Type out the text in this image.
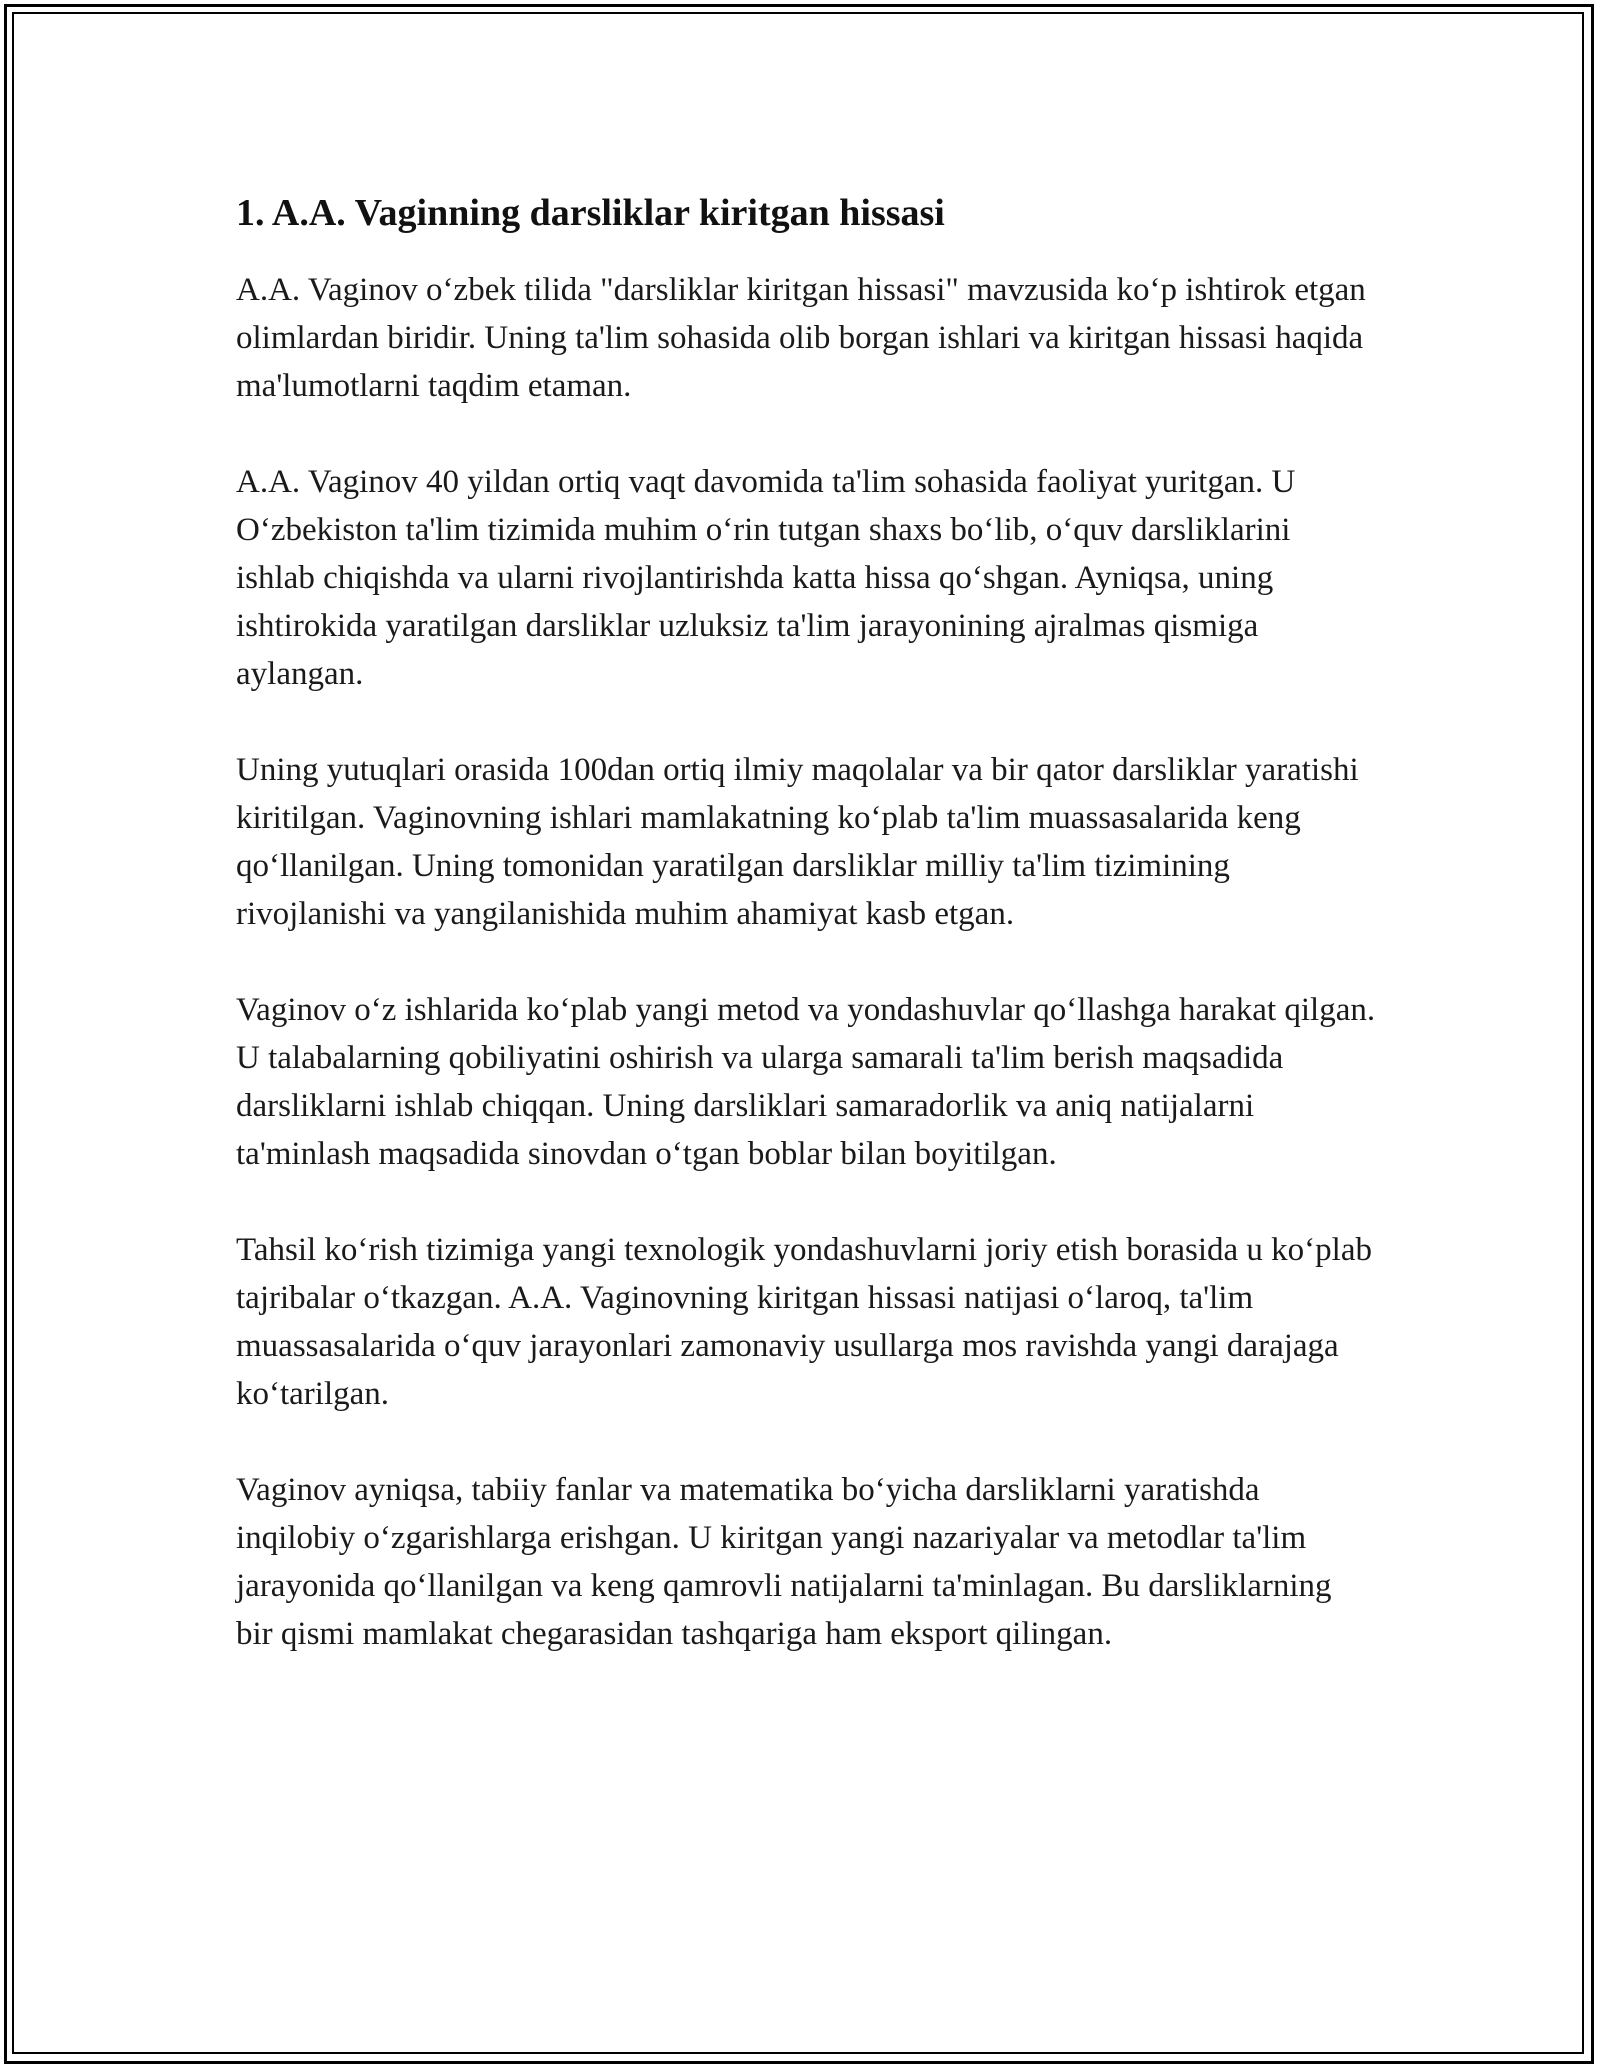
1. A.A. Vaginning darsliklar kiritgan hissasi

A.A. Vaginov o‘zbek tilida "darsliklar kiritgan hissasi" mavzusida ko‘p ishtirok etgan olimlardan biridir. Uning ta'lim sohasida olib borgan ishlari va kiritgan hissasi haqida ma'lumotlarni taqdim etaman.

A.A. Vaginov 40 yildan ortiq vaqt davomida ta'lim sohasida faoliyat yuritgan. U O‘zbekiston ta'lim tizimida muhim o‘rin tutgan shaxs bo‘lib, o‘quv darsliklarini ishlab chiqishda va ularni rivojlantirishda katta hissa qo‘shgan. Ayniqsa, uning ishtirokida yaratilgan darsliklar uzluksiz ta'lim jarayonining ajralmas qismiga aylangan.

Uning yutuqlari orasida 100dan ortiq ilmiy maqolalar va bir qator darsliklar yaratishi kiritilgan. Vaginovning ishlari mamlakatning ko‘plab ta'lim muassasalarida keng qo‘llanilgan. Uning tomonidan yaratilgan darsliklar milliy ta'lim tizimining rivojlanishi va yangilanishida muhim ahamiyat kasb etgan.

Vaginov o‘z ishlarida ko‘plab yangi metod va yondashuvlar qo‘llashga harakat qilgan. U talabalarning qobiliyatini oshirish va ularga samarali ta'lim berish maqsadida darsliklarni ishlab chiqqan. Uning darsliklari samaradorlik va aniq natijalarni ta'minlash maqsadida sinovdan o‘tgan boblar bilan boyitilgan.

Tahsil ko‘rish tizimiga yangi texnologik yondashuvlarni joriy etish borasida u ko‘plab tajribalar o‘tkazgan. A.A. Vaginovning kiritgan hissasi natijasi o‘laroq, ta'lim muassasalarida o‘quv jarayonlari zamonaviy usullarga mos ravishda yangi darajaga ko‘tarilgan.

Vaginov ayniqsa, tabiiy fanlar va matematika bo‘yicha darsliklarni yaratishda inqilobiy o‘zgarishlarga erishgan. U kiritgan yangi nazariyalar va metodlar ta'lim jarayonida qo‘llanilgan va keng qamrovli natijalarni ta'minlagan. Bu darsliklarning bir qismi mamlakat chegarasidan tashqariga ham eksport qilingan.
